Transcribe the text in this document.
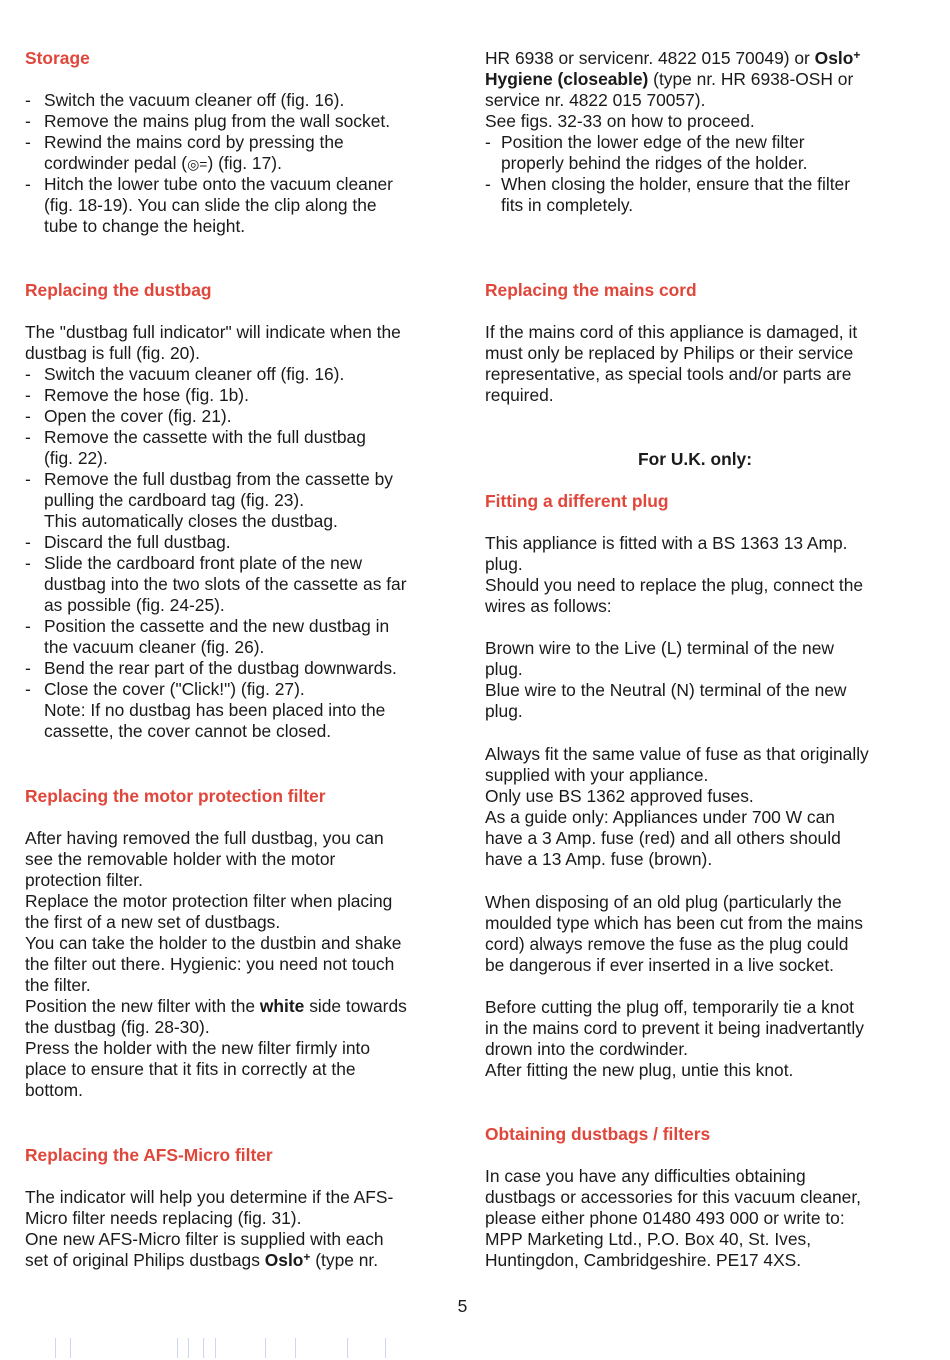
Storage
- Switch the vacuum cleaner off (fig. 16).
- Remove the mains plug from the wall socket.
- Rewind the mains cord by pressing the
cordwinder pedal (◎=) (fig. 17).
- Hitch the lower tube onto the vacuum cleaner
(fig. 18-19). You can slide the clip along the
tube to change the height.
Replacing the dustbag
The "dustbag full indicator" will indicate when the
dustbag is full (fig. 20).
- Switch the vacuum cleaner off (fig. 16).
- Remove the hose (fig. 1b).
- Open the cover (fig. 21).
- Remove the cassette with the full dustbag
(fig. 22).
- Remove the full dustbag from the cassette by
pulling the cardboard tag (fig. 23).
This automatically closes the dustbag.
- Discard the full dustbag.
- Slide the cardboard front plate of the new
dustbag into the two slots of the cassette as far
as possible (fig. 24-25).
- Position the cassette and the new dustbag in
the vacuum cleaner (fig. 26).
- Bend the rear part of the dustbag downwards.
- Close the cover ("Click!") (fig. 27).
Note: If no dustbag has been placed into the
cassette, the cover cannot be closed.
Replacing the motor protection filter
After having removed the full dustbag, you can
see the removable holder with the motor
protection filter.
Replace the motor protection filter when placing
the first of a new set of dustbags.
You can take the holder to the dustbin and shake
the filter out there. Hygienic: you need not touch
the filter.
Position the new filter with the white side towards
the dustbag (fig. 28-30).
Press the holder with the new filter firmly into
place to ensure that it fits in correctly at the
bottom.
Replacing the AFS-Micro filter
The indicator will help you determine if the AFS-
Micro filter needs replacing (fig. 31).
One new AFS-Micro filter is supplied with each
set of original Philips dustbags Oslo+ (type nr.
HR 6938 or servicenr. 4822 015 70049) or Oslo+
Hygiene (closeable) (type nr. HR 6938-OSH or
service nr. 4822 015 70057).
See figs. 32-33 on how to proceed.
- Position the lower edge of the new filter
properly behind the ridges of the holder.
- When closing the holder, ensure that the filter
fits in completely.
Replacing the mains cord
If the mains cord of this appliance is damaged, it
must only be replaced by Philips or their service
representative, as special tools and/or parts are
required.
For U.K. only:
Fitting a different plug
This appliance is fitted with a BS 1363 13 Amp.
plug.
Should you need to replace the plug, connect the
wires as follows:
Brown wire to the Live (L) terminal of the new
plug.
Blue wire to the Neutral (N) terminal of the new
plug.
Always fit the same value of fuse as that originally
supplied with your appliance.
Only use BS 1362 approved fuses.
As a guide only: Appliances under 700 W can
have a 3 Amp. fuse (red) and all others should
have a 13 Amp. fuse (brown).
When disposing of an old plug (particularly the
moulded type which has been cut from the mains
cord) always remove the fuse as the plug could
be dangerous if ever inserted in a live socket.
Before cutting the plug off, temporarily tie a knot
in the mains cord to prevent it being inadvertantly
drown into the cordwinder.
After fitting the new plug, untie this knot.
Obtaining dustbags / filters
In case you have any difficulties obtaining
dustbags or accessories for this vacuum cleaner,
please either phone 01480 493 000 or write to:
MPP Marketing Ltd., P.O. Box 40, St. Ives,
Huntingdon, Cambridgeshire. PE17 4XS.
5
